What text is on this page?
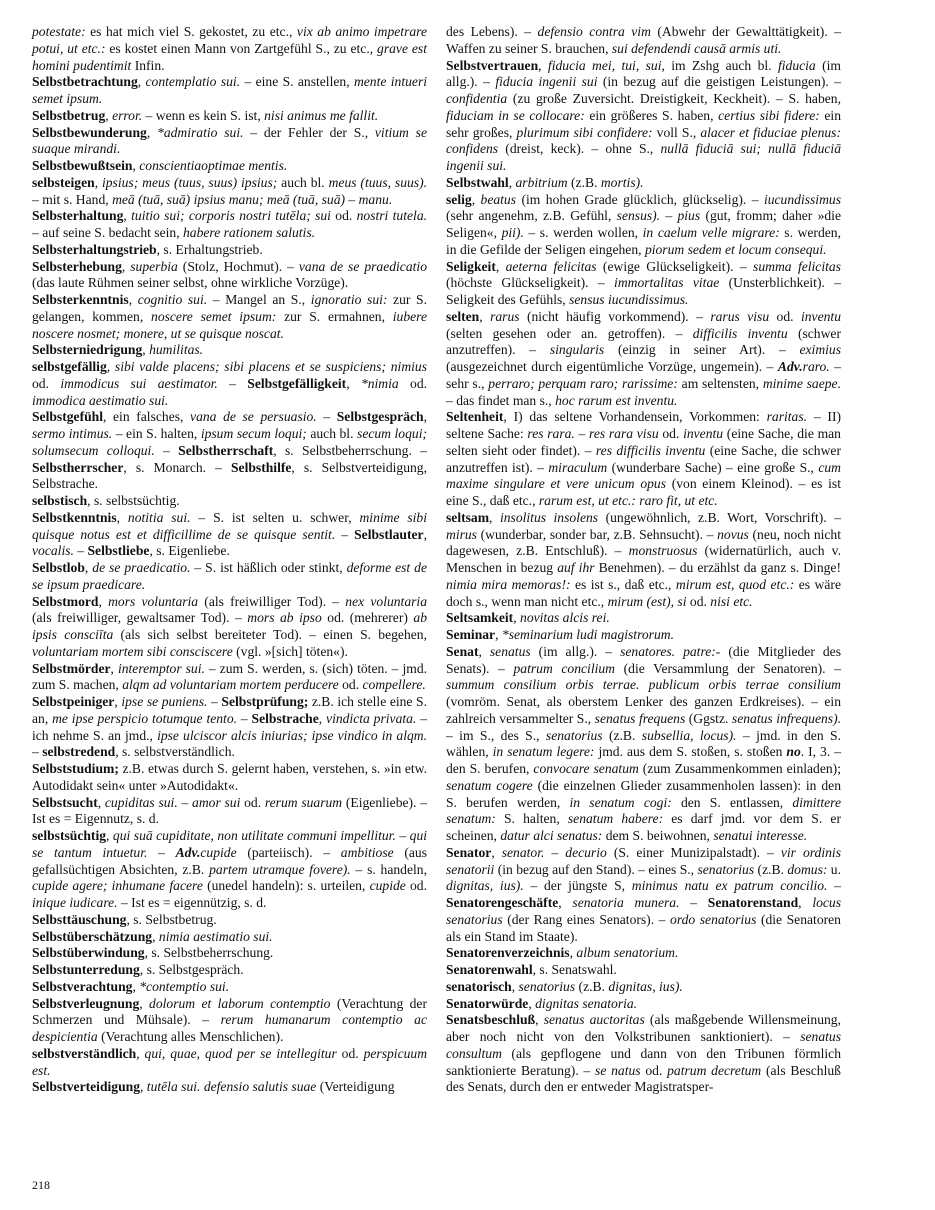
potestate: es hat mich viel S. gekostet, zu etc., vix ab animo impetrare potui, ut etc.: es kostet einen Mann von Zartgefühl S., zu etc., grave est homini pudentimit Infin.

Selbstbetrachtung, contemplatio sui. – eine S. anstellen, mente intueri semet ipsum.

Selbstbetrug, error. – wenn es kein S. ist, nisi animus me fallit.

Selbstbewunderung, *admiratio sui. – der Fehler der S., vitium se suaque mirandi.

Selbstbewußtsein, conscientiaoptimae mentis.

selbsteigen, ipsius; meus (tuus, suus) ipsius; auch bl. meus (tuus, suus). – mit s. Hand, meā (tuā, suā) ipsius manu; meā (tuā, suā) – manu.

Selbsterhaltung, tuitio sui; corporis nostri tutēla; sui od. nostri tutela. – auf seine S. bedacht sein, habere rationem salutis.

Selbsterhaltungstrieb, s. Erhaltungstrieb.

Selbsterhebung, superbia (Stolz, Hochmut). – vana de se praedicatio (das laute Rühmen seiner selbst, ohne wirkliche Vorzüge).

Selbsterkenntnis, cognitio sui. – Mangel an S., ignoratio sui: zur S. gelangen, kommen, noscere semet ipsum: zur S. ermahnen, iubere noscere nosmet; monere, ut se quisque noscat.

Selbsterniedrigung, humilitas.

selbstgefällig, sibi valde placens; sibi placens et se suspiciens; nimius od. immodicus sui aestimator. – Selbstgefälligkeit, *nimia od. immodica aestimatio sui.

Selbstgefühl, ein falsches, vana de se persuasio. – Selbstgespräch, sermo intimus. – ein S. halten, ipsum secum loqui; auch bl. secum loqui; solumsecum colloqui. – Selbstherrschaft, s. Selbstbeherrschung. – Selbstherrscher, s. Monarch. – Selbsthilfe, s. Selbstverteidigung, Selbstrache.

selbstisch, s. selbstsüchtig.

Selbstkenntnis, notitia sui. – S. ist selten u. schwer, minime sibi quisque notus est et difficillime de se quisque sentit. – Selbstlauter, vocalis. – Selbstliebe, s. Eigenliebe.

Selbstlob, de se praedicatio. – S. ist häßlich oder stinkt, deforme est de se ipsum praedicare.

Selbstmord, mors voluntaria (als freiwilliger Tod). – nex voluntaria (als freiwilliger, gewaltsamer Tod). – mors ab ipso od. (mehrerer) ab ipsis consciīta (als sich selbst bereiteter Tod). – einen S. begehen, voluntariam mortem sibi consciscere (vgl. »[sich] töten«).

Selbstmörder, interemptor sui. – zum S. werden, s. (sich) töten. – jmd. zum S. machen, alqm ad voluntariam mortem perducere od. compellere.

Selbstpeiniger, ipse se puniens. – Selbstprüfung; z.B. ich stelle eine S. an, me ipse perspicio totumque tento. – Selbstrache, vindicta privata. – ich nehme S. an jmd., ipse ulciscor alcis iniurias; ipse vindico in alqm. – selbstredend, s. selbstverständlich.

Selbststudium; z.B. etwas durch S. gelernt haben, verstehen, s. »in etw. Autodidakt sein« unter »Autodidakt«.

Selbstsucht, cupiditas sui. – amor sui od. rerum suarum (Eigenliebe). – Ist es = Eigennutz, s. d.

selbstsüchtig, qui suā cupiditate, non utilitate communi impellitur. – qui se tantum intuetur. – Adv.cupide (parteiisch). – ambitiose (aus gefallsüchtigen Absichten, z.B. partem utramque fovere). – s. handeln, cupide agere; inhumane facere (unedel handeln): s. urteilen, cupide od. inique iudicare. – Ist es = eigennützig, s. d.

Selbsttäuschung, s. Selbstbetrug.

Selbstüberschätzung, nimia aestimatio sui.

Selbstüberwindung, s. Selbstbeherrschung.

Selbstunterredung, s. Selbstgespräch.

Selbstverachtung, *contemptio sui.

Selbstverleugnung, dolorum et laborum contemptio (Verachtung der Schmerzen und Mühsale). – rerum humanarum contemptio ac despicientia (Verachtung alles Menschlichen).

selbstverständlich, qui, quae, quod per se intellegitur od. perspicuum est.

Selbstverteidigung, tutēla sui. defensio salutis suae (Verteidigung

des Lebens). – defensio contra vim (Abwehr der Gewalttätigkeit). – Waffen zu seiner S. brauchen, sui defendendi causā armis uti.

Selbstvertrauen, fiducia mei, tui, sui, im Zshg auch bl. fiducia (im allg.). – fiducia ingenii sui (in bezug auf die geistigen Leistungen). – confidentia (zu große Zuversicht. Dreistigkeit, Keckheit). – S. haben, fiduciam in se collocare: ein größeres S. haben, certius sibi fidere: ein sehr großes, plurimum sibi confidere: voll S., alacer et fiduciae plenus: confidens (dreist, keck). – ohne S., nullā fiduciā sui; nullā fiduciā ingenii sui.

Selbstwahl, arbitrium (z.B. mortis).

selig, beatus (im hohen Grade glücklich, glückselig). – iucundissimus (sehr angenehm, z.B. Gefühl, sensus). – pius (gut, fromm; daher »die Seligen«, pii). – s. werden wollen, in caelum velle migrare: s. werden, in die Gefilde der Seligen eingehen, piorum sedem et locum consequi.

Seligkeit, aeterna felicitas (ewige Glückseligkeit). – summa felicitas (höchste Glückseligkeit). – immortalitas vitae (Unsterblichkeit). – Seligkeit des Gefühls, sensus iucundissimus.

selten, rarus (nicht häufig vorkommend). – rarus visu od. inventu (selten gesehen oder an. getroffen). – difficilis inventu (schwer anzutreffen). – singularis (einzig in seiner Art). – eximius (ausgezeichnet durch eigentümliche Vorzüge, ungemein). – Adv.raro. – sehr s., perraro; perquam raro; rarissime: am seltensten, minime saepe. – das findet man s., hoc rarum est inventu.

Seltenheit, I) das seltene Vorhandensein, Vorkommen: raritas. – II) seltene Sache: res rara. – res rara visu od. inventu (eine Sache, die man selten sieht oder findet). – res difficilis inventu (eine Sache, die schwer anzutreffen ist). – miraculum (wunderbare Sache) – eine große S., cum maxime singulare et vere unicum opus (von einem Kleinod). – es ist eine S., daß etc., rarum est, ut etc.: raro fit, ut etc.

seltsam, insolitus insolens (ungewöhnlich, z.B. Wort, Vorschrift). – mirus (wunderbar, sonder bar, z.B. Sehnsucht). – novus (neu, noch nicht dagewesen, z.B. Entschluß). – monstruosus (widernatürlich, auch v. Menschen in bezug auf ihr Benehmen). – du erzählst da ganz s. Dinge! nimia mira memoras!: es ist s., daß etc., mirum est, quod etc.: es wäre doch s., wenn man nicht etc., mirum (est), si od. nisi etc.

Seltsamkeit, novitas alcis rei.

Seminar, *seminarium ludi magistrorum.

Senat, senatus (im allg.). – senatores. patre:- (die Mitglieder des Senats). – patrum concilium (die Versammlung der Senatoren). – summum consilium orbis terrae. publicum orbis terrae consilium (vomröm. Senat, als oberstem Lenker des ganzen Erdkreises). – ein zahlreich versammelter S., senatus frequens (Ggstz. senatus infrequens). – im S., des S., senatorius (z.B. subsellia, locus). – jmd. in den S. wählen, in senatum legere: jmd. aus dem S. stoßen, s. stoßen no. I, 3. – den S. berufen, convocare senatum (zum Zusammenkommen einladen); senatum cogere (die einzelnen Glieder zusammenholen lassen): in den S. berufen werden, in senatum cogi: den S. entlassen, dimittere senatum: S. halten, senatum habere: es darf jmd. vor dem S. er scheinen, datur alci senatus: dem S. beiwohnen, senatui interesse.

Senator, senator. – decurio (S. einer Munizipalstadt). – vir ordinis senatorii (in bezug auf den Stand). – eines S., senatorius (z.B. domus: u. dignitas, ius). – der jüngste S, minimus natu ex patrum concilio. – Senatorengeschäfte, senatoria munera. – Senatorenstand, locus senatorius (der Rang eines Senators). – ordo senatorius (die Senatoren als ein Stand im Staate).

Senatorenverzeichnis, album senatorium.

Senatorenwahl, s. Senatswahl.

senatorisch, senatorius (z.B. dignitas, ius).

Senatorwürde, dignitas senatoria.

Senatsbeschluß, senatus auctoritas (als maßgebende Willensmeinung, aber noch nicht von den Volkstribunen sanktioniert). – senatus consultum (als gepflogene und dann von den Tribunen förmlich sanktionierte Beratung). – se natus od. patrum decretum (als Beschluß des Senats, durch den er entweder Magistratsper-

218
